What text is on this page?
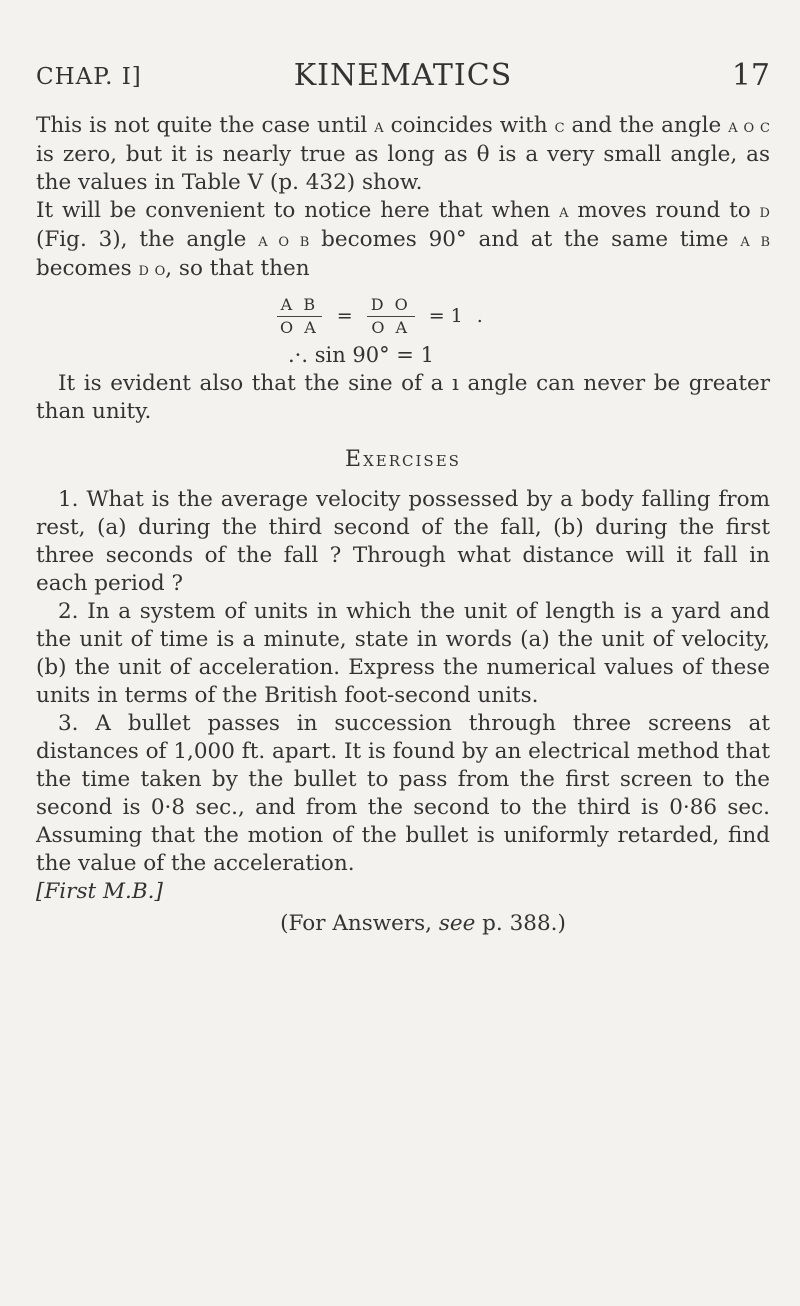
CHAP. I]	KINEMATICS	17

This is not quite the case until a coincides with c and the angle a o c is zero, but it is nearly true as long as θ is a very small angle, as the values in Table V (p. 432) show.

It will be convenient to notice here that when a moves round to d (Fig. 3), the angle a o b becomes 90° and at the same time a b becomes d o, so that then

$\frac{\text{A B}}{\text{O A}} = \frac{\text{D O}}{\text{O A}} = 1$ .
.·. sin 90° = 1

It is evident also that the sine of a ı angle can never be greater than unity.

Exercises

1. What is the average velocity possessed by a body falling from rest, (a) during the third second of the fall, (b) during the first three seconds of the fall ? Through what distance will it fall in each period ?

2. In a system of units in which the unit of length is a yard and the unit of time is a minute, state in words (a) the unit of velocity, (b) the unit of acceleration. Express the numerical values of these units in terms of the British foot-second units.

3. A bullet passes in succession through three screens at distances of 1,000 ft. apart. It is found by an electrical method that the time taken by the bullet to pass from the first screen to the second is 0·8 sec., and from the second to the third is 0·86 sec. Assuming that the motion of the bullet is uniformly retarded, find the value of the acceleration.

[First M.B.]

(For Answers, see p. 388.)
